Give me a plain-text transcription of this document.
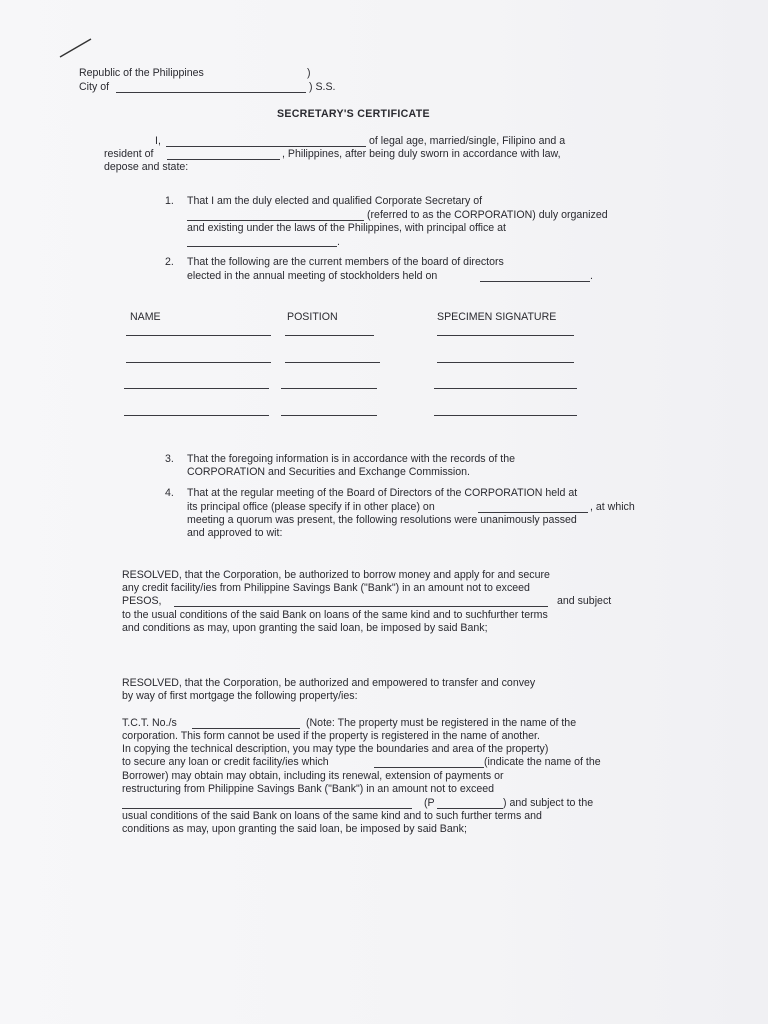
Republic of the Philippines	)
City of	) S.S.
SECRETARY'S CERTIFICATE
I,	of legal age, married/single, Filipino and a
resident of	, Philippines, after being duly sworn in accordance with law,
depose and state:
1. That I am the duly elected and qualified Corporate Secretary of
(referred to as the CORPORATION) duly organized
and existing under the laws of the Philippines, with principal office at
.
2. That the following are the current members of the board of directors
elected in the annual meeting of stockholders held on	.
NAME	POSITION	SPECIMEN SIGNATURE
3. That the foregoing information is in accordance with the records of the
CORPORATION and Securities and Exchange Commission.
4. That at the regular meeting of the Board of Directors of the CORPORATION held at
its principal office (please specify if in other place) on	, at which
meeting a quorum was present, the following resolutions were unanimously passed
and approved to wit:
RESOLVED, that the Corporation, be authorized to borrow money and apply for and secure
any credit facility/ies from Philippine Savings Bank ("Bank") in an amount not to exceed
PESOS,	and subject
to the usual conditions of the said Bank on loans of the same kind and to suchfurther terms
and conditions as may, upon granting the said loan, be imposed by said Bank;
RESOLVED, that the Corporation, be authorized and empowered to transfer and convey
by way of first mortgage the following property/ies:
T.C.T. No./s	(Note: The property must be registered in the name of the
corporation. This form cannot be used if the property is registered in the name of another.
In copying the technical description, you may type the boundaries and area of the property)
to secure any loan or credit facility/ies which	(indicate the name of the
Borrower) may obtain may obtain, including its renewal, extension of payments or
restructuring from Philippine Savings Bank ("Bank") in an amount not to exceed
(P	) and subject to the
usual conditions of the said Bank on loans of the same kind and to such further terms and
conditions as may, upon granting the said loan, be imposed by said Bank;
